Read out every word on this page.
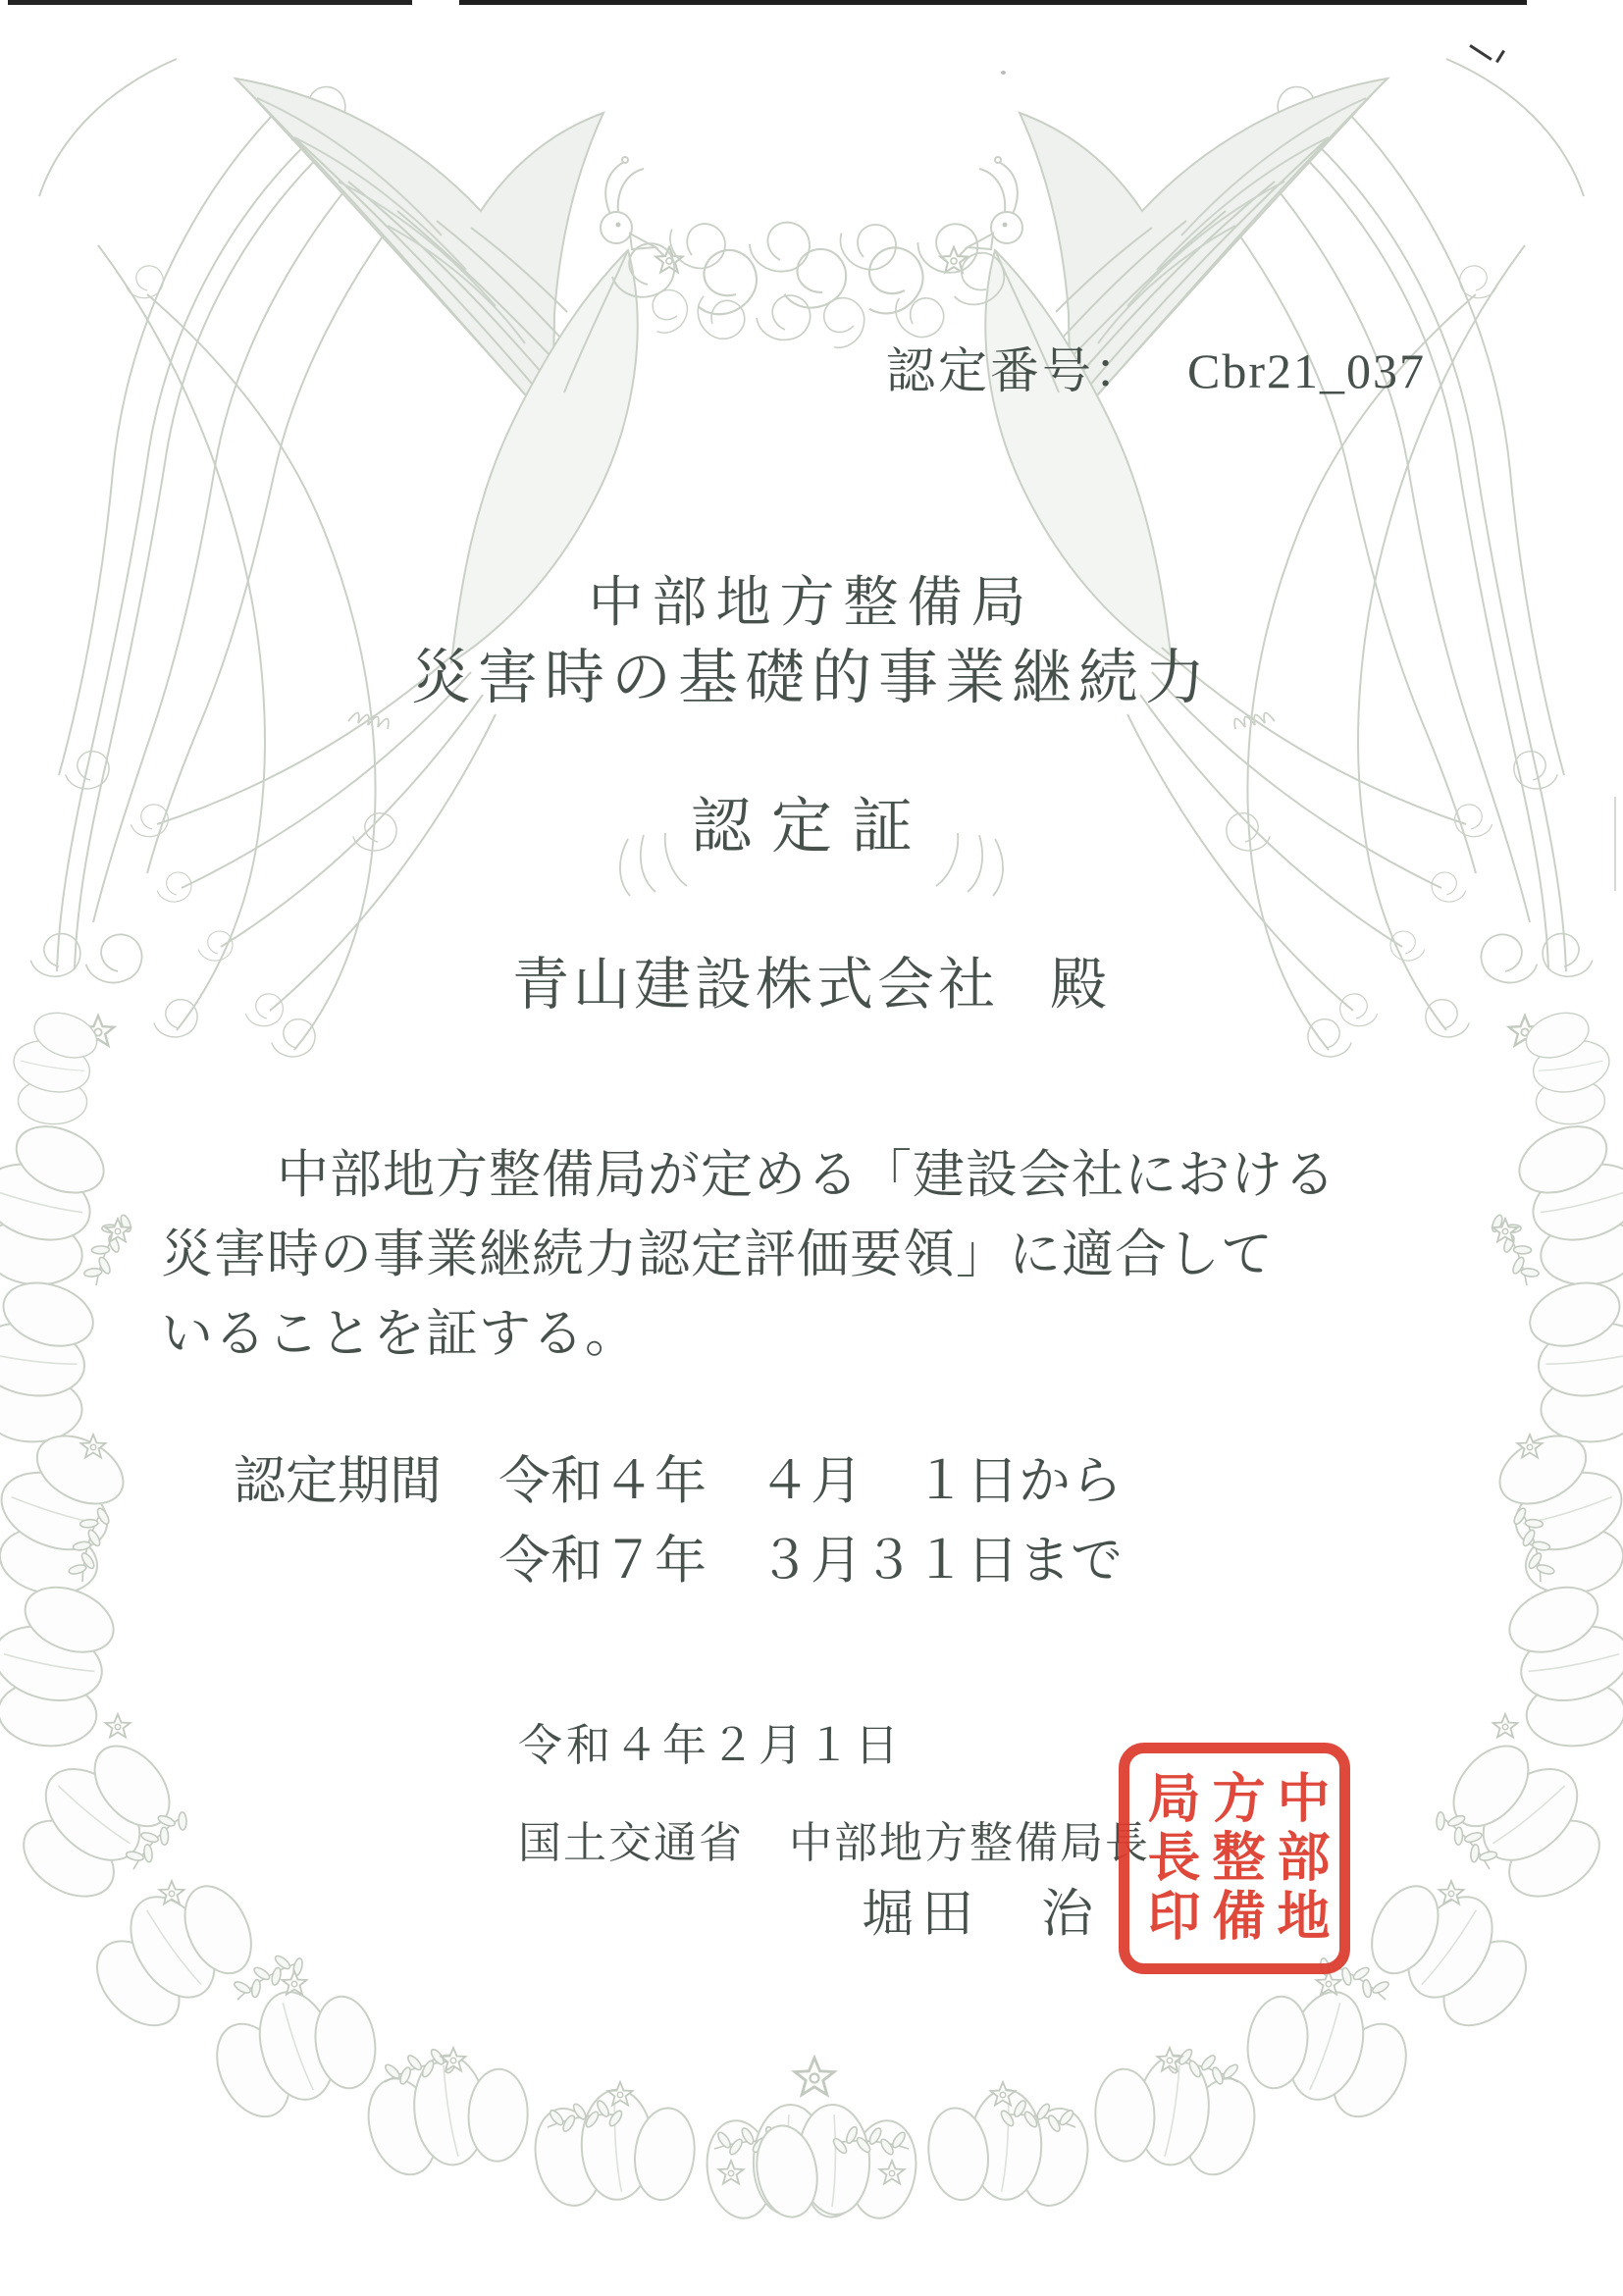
認定番号： Cbr21_037
中部地方整備局
災害時の基礎的事業継続力
認定証
青山建設株式会社 殿
　中部地方整備局が定める「建設会社における
災害時の事業継続力認定評価要領」に適合して
いることを証する。
認定期間 令和４年　４月　１日から
令和７年　３月３１日まで
令和４年２月１日
国土交通省　中部地方整備局長
堀田　治	中部地
方整備
局長印
